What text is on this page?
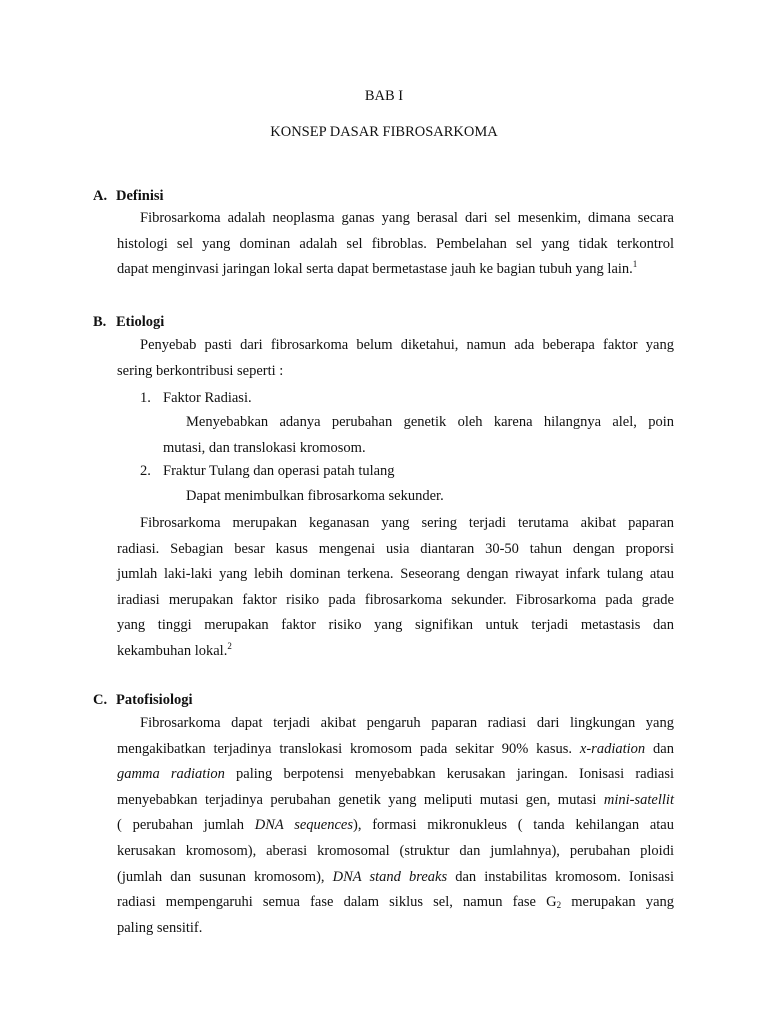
BAB I
KONSEP DASAR FIBROSARKOMA
A. Definisi
Fibrosarkoma adalah neoplasma ganas yang berasal dari sel mesenkim, dimana secara
histologi sel yang dominan adalah sel fibroblas. Pembelahan sel yang tidak terkontrol
dapat menginvasi jaringan lokal serta dapat bermetastase jauh ke bagian tubuh yang lain.$^1$
B. Etiologi
Penyebab pasti dari fibrosarkoma belum diketahui, namun ada beberapa faktor yang
sering berkontribusi seperti :
1. Faktor Radiasi.
Menyebabkan adanya perubahan genetik oleh karena hilangnya alel, poin
mutasi, dan translokasi kromosom.
2. Fraktur Tulang dan operasi patah tulang
Dapat menimbulkan fibrosarkoma sekunder.
Fibrosarkoma merupakan keganasan yang sering terjadi terutama akibat paparan
radiasi. Sebagian besar kasus mengenai usia diantaran 30-50 tahun dengan proporsi
jumlah laki-laki yang lebih dominan terkena. Seseorang dengan riwayat infark tulang atau
iradiasi merupakan faktor risiko pada fibrosarkoma sekunder. Fibrosarkoma pada grade
yang tinggi merupakan faktor risiko yang signifikan untuk terjadi metastasis dan
kekambuhan lokal.$^2$
C. Patofisiologi
Fibrosarkoma dapat terjadi akibat pengaruh paparan radiasi dari lingkungan yang
mengakibatkan terjadinya translokasi kromosom pada sekitar 90% kasus. x-radiation dan
gamma radiation paling berpotensi menyebabkan kerusakan jaringan. Ionisasi radiasi
menyebabkan terjadinya perubahan genetik yang meliputi mutasi gen, mutasi mini-satellit
( perubahan jumlah DNA sequences), formasi mikronukleus ( tanda kehilangan atau
kerusakan kromosom), aberasi kromosomal (struktur dan jumlahnya), perubahan ploidi
(jumlah dan susunan kromosom), DNA stand breaks dan instabilitas kromosom. Ionisasi
radiasi mempengaruhi semua fase dalam siklus sel, namun fase $G_2$ merupakan yang
paling sensitif.
